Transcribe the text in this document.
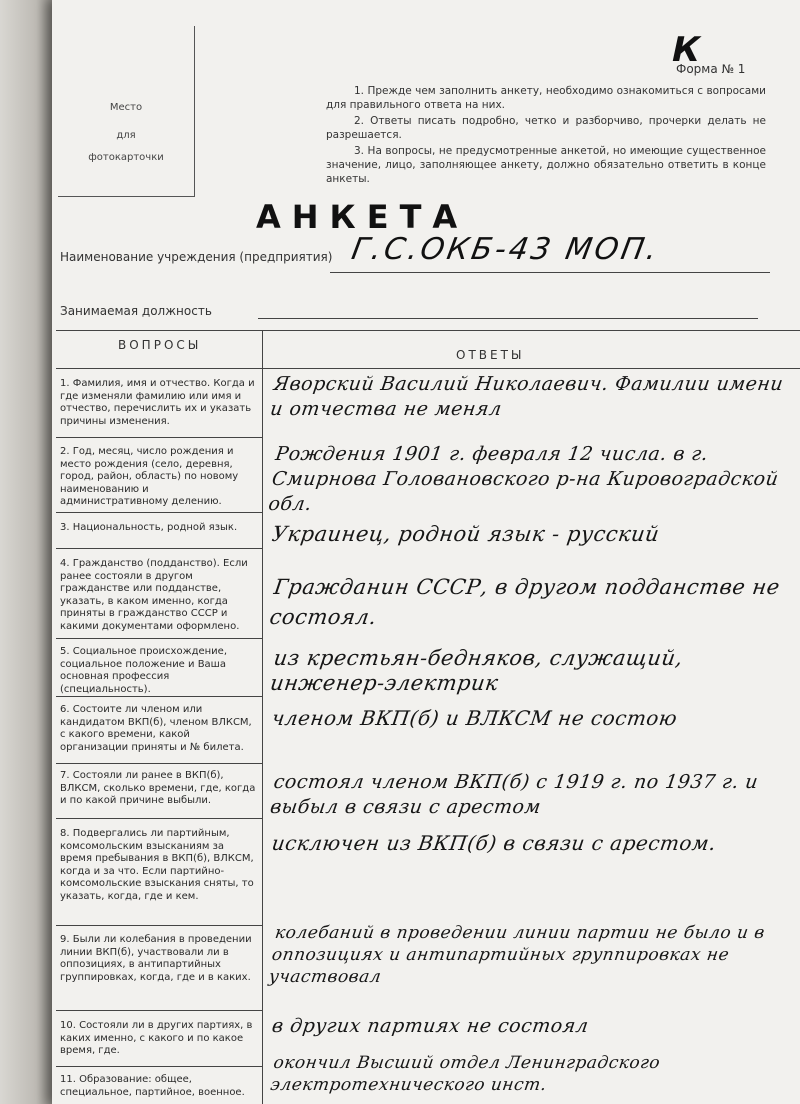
К
Форма № 1
Место
для
фотокарточки

1. Прежде чем заполнить анкету, необходимо ознакомиться с вопросами для правильного ответа на них.

2. Ответы писать подробно, четко и разборчиво, прочерки делать не разрешается.

3. На вопросы, не предусмотренные анкетой, но имеющие существенное значение, лицо, заполняющее анкету, должно обязательно ответить в конце анкеты.

АНКЕТА
Наименование учреждения (предприятия) Г.С.ОКБ-43 МОП.
Занимаемая должность
ВОПРОСЫ
ОТВЕТЫ
1. Фамилия, имя и отчество. Когда и где изменяли фамилию или имя и отчество, перечислить их и указать причины изменения.
2. Год, месяц, число рождения и место рождения (село, деревня, город, район, область) по новому наименованию и административному делению.
3. Национальность, родной язык.
4. Гражданство (подданство). Если ранее состояли в другом гражданстве или подданстве, указать, в каком именно, когда приняты в гражданство СССР и какими документами оформлено.
5. Социальное происхождение, социальное положение и Ваша основная профессия (специальность).
6. Состоите ли членом или кандидатом ВКП(б), членом ВЛКСМ, с какого времени, какой организации приняты и № билета.
7. Состояли ли ранее в ВКП(б), ВЛКСМ, сколько времени, где, когда и по какой причине выбыли.
8. Подвергались ли партийным, комсомольским взысканиям за время пребывания в ВКП(б), ВЛКСМ, когда и за что. Если партийно-комсомольские взыскания сняты, то указать, когда, где и кем.
9. Были ли колебания в проведении линии ВКП(б), участвовали ли в оппозициях, в антипартийных группировках, когда, где и в каких.
10. Состояли ли в других партиях, в каких именно, с какого и по какое время, где.
11. Образование: общее, специальное, партийное, военное.
Яворский Василий Николаевич. Фамилии имени и отчества не менял
Рождения 1901 г. февраля 12 числа. в г. Смирнова Головановского р-на Кировоградской обл.
Украинец, родной язык - русский
Гражданин СССР, в другом подданстве не состоял.
из крестьян-бедняков, служащий, инженер-электрик
членом ВКП(б) и ВЛКСМ не состою
состоял членом ВКП(б) с 1919 г. по 1937 г. и выбыл в связи с арестом
исключен из ВКП(б) в связи с арестом.
колебаний в проведении линии партии не было и в оппозициях и антипартийных группировках не участвовал
в других партиях не состоял
окончил Высший отдел Ленинградского электротехнического инст.
